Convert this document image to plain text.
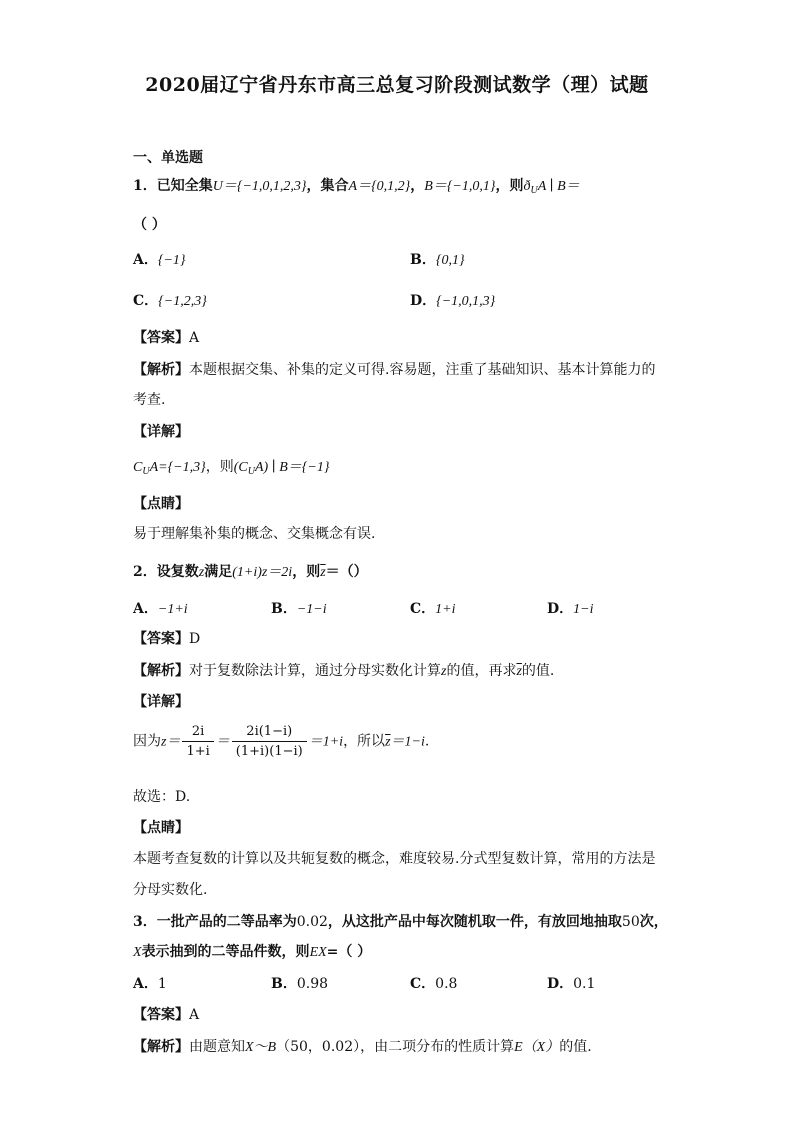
2020届辽宁省丹东市高三总复习阶段测试数学（理）试题
一、单选题
1．已知全集U＝{−1,0,1,2,3}，集合A＝{0,1,2}，B＝{−1,0,1}，则$ð_UA$ ∣ B＝
（ ）
A．{−1}	B．{0,1}
C．{−1,2,3}	D．{−1,0,1,3}
【答案】A
【解析】本题根据交集、补集的定义可得.容易题，注重了基础知识、基本计算能力的
考查.
【详解】
$C_UA=\{-1,3\}$，则$(C_UA)$ ∣ B＝{−1}
【点睛】
易于理解集补集的概念、交集概念有误.
2．设复数z满足(1+i)z＝2i，则$\overline{z}=()$
A．−1+i	B．−1−i	C．1+i	D．1−i
【答案】D
【解析】对于复数除法计算，通过分母实数化计算z的值，再求$\overline{z}$的值.
【详解】
因为$z= \frac{2i}{1+i} = \frac{2i(1-i)}{(1+i)(1-i)} =1+i$，所以$\overline{z}=1-i$.
故选：D.
【点睛】
本题考查复数的计算以及共轭复数的概念，难度较易.分式型复数计算，常用的方法是
分母实数化.
3．一批产品的二等品率为0.02，从这批产品中每次随机取一件，有放回地抽取50次，
X表示抽到的二等品件数，则EX=（ ）
A．1	B．0.98	C．0.8	D．0.1
【答案】A
【解析】由题意知X～B（50，0.02），由二项分布的性质计算E（X）的值.
